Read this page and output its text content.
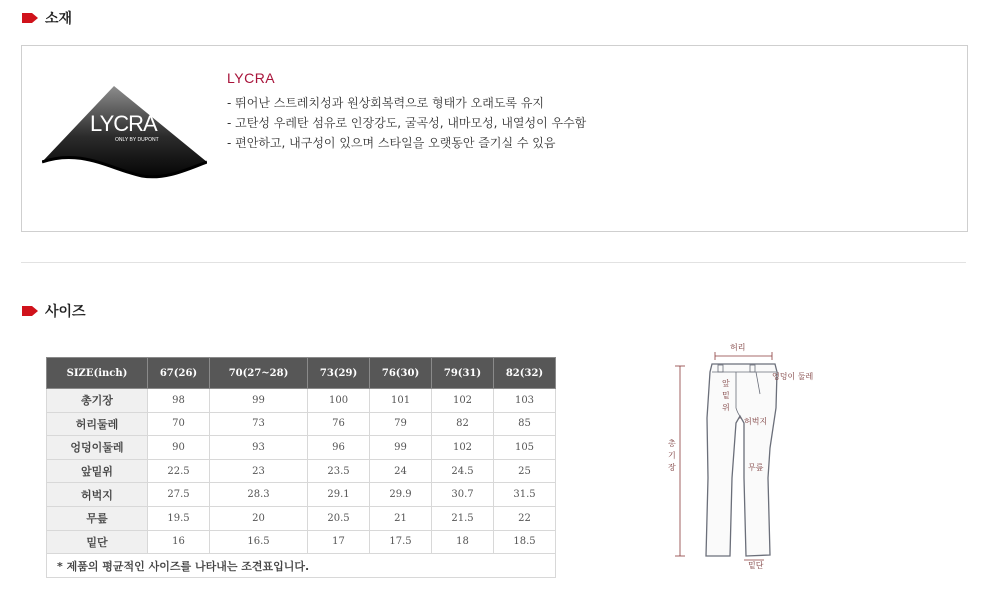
소재
LYCRA
ONLY BY DUPONT
LYCRA
- 뛰어난 스트레치성과 원상회복력으로 형태가 오래도록 유지
- 고탄성 우레탄 섬유로 인장강도, 굴곡성, 내마모성, 내열성이 우수함
- 편안하고, 내구성이 있으며 스타일을 오랫동안 즐기실 수 있음
사이즈
SIZE(inch)	67(26)	70(27~28)	73(29)	76(30)	79(31)	82(32)
총기장	98	99	100	101	102	103
허리둘레	70	73	76	79	82	85
엉덩이둘레	90	93	96	99	102	105
앞밑위	22.5	23	23.5	24	24.5	25
허벅지	27.5	28.3	29.1	29.9	30.7	31.5
무릎	19.5	20	20.5	21	21.5	22
밑단	16	16.5	17	17.5	18	18.5
* 제품의 평균적인 사이즈를 나타내는 조견표입니다.						
허리
엉덩이 둘레
앞
밑
위
허벅지
총
기
장	무릎
밑단
